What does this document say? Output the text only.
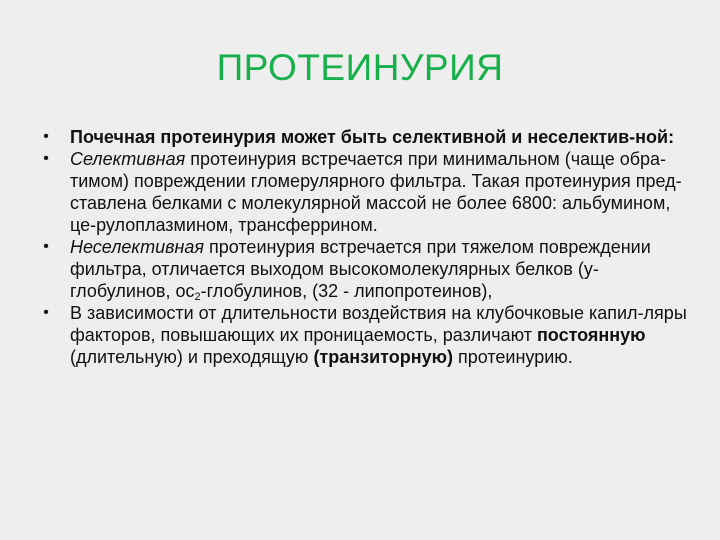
ПРОТЕИНУРИЯ
• Почечная протеинурия может быть селективной и неселектив-ной:
• Селективная протеинурия встречается при минимальном (чаще обра-тимом) повреждении гломерулярного фильтра. Такая протеинурия пред-ставлена белками с молекулярной массой не более 6800: альбумином, це-рулоплазмином, трансферрином.
• Неселективная протеинурия встречается при тяжелом повреждении фильтра, отличается выходом высокомолекулярных белков (y-глобулинов, $ос_2$-глобулинов, (32 - липопротеинов),
• В зависимости от длительности воздействия на клубочковые капил-ляры факторов, повышающих их проницаемость, различают постоянную (длительную) и преходящую (транзиторную) протеинурию.
